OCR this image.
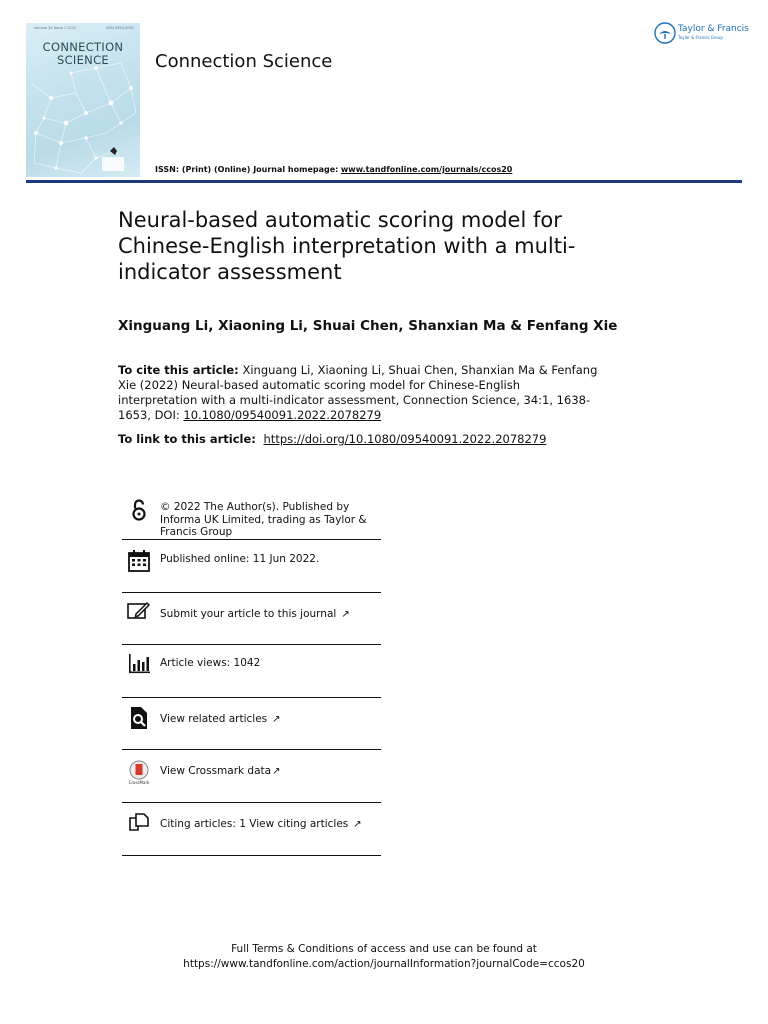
Volume 34 Issue 1 2022	ISSN 0954-0091
CONNECTION
SCIENCE	Connection Science
ISSN: (Print) (Online) Journal homepage: www.tandfonline.com/journals/ccos20
Taylor & Francis
Taylor & Francis Group
Neural-based automatic scoring model for Chinese-English interpretation with a multi-indicator assessment
Xinguang Li, Xiaoning Li, Shuai Chen, Shanxian Ma & Fenfang Xie
To cite this article: Xinguang Li, Xiaoning Li, Shuai Chen, Shanxian Ma & Fenfang Xie (2022) Neural-based automatic scoring model for Chinese-English interpretation with a multi-indicator assessment, Connection Science, 34:1, 1638-1653, DOI: 10.1080/09540091.2022.2078279
To link to this article: https://doi.org/10.1080/09540091.2022.2078279
© 2022 The Author(s). Published by Informa UK Limited, trading as Taylor & Francis Group
Published online: 11 Jun 2022.
Submit your article to this journal ↗
Article views: 1042
View related articles ↗
CrossMark
View Crossmark data↗
Citing articles: 1 View citing articles ↗
Full Terms & Conditions of access and use can be found at
https://www.tandfonline.com/action/journalInformation?journalCode=ccos20
